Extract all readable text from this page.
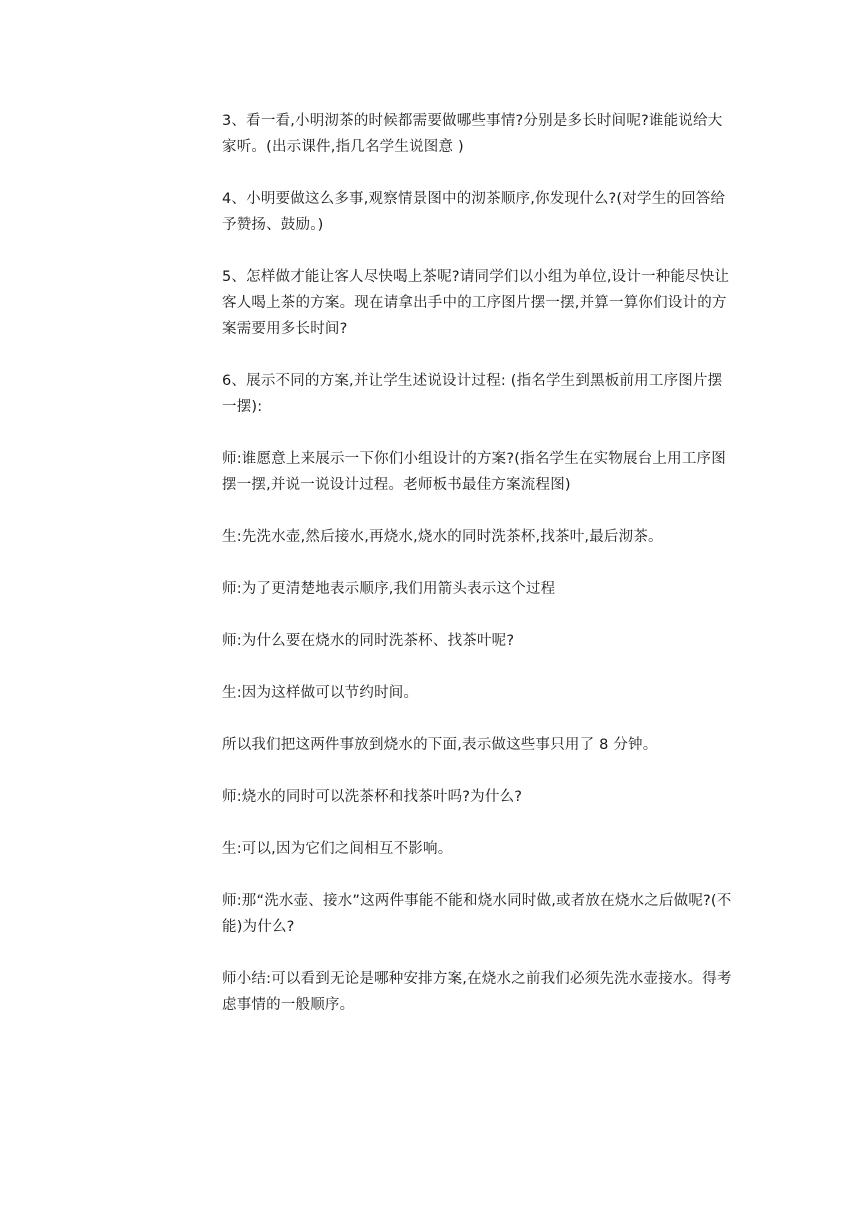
3、看一看,小明沏茶的时候都需要做哪些事情?分别是多长时间呢?谁能说给大家听。(出示课件,指几名学生说图意 )

4、小明要做这么多事,观察情景图中的沏茶顺序,你发现什么?(对学生的回答给予赞扬、鼓励。)

5、怎样做才能让客人尽快喝上茶呢?请同学们以小组为单位,设计一种能尽快让客人喝上茶的方案。现在请拿出手中的工序图片摆一摆,并算一算你们设计的方案需要用多长时间?

6、展示不同的方案,并让学生述说设计过程: (指名学生到黑板前用工序图片摆一摆):

师:谁愿意上来展示一下你们小组设计的方案?(指名学生在实物展台上用工序图摆一摆,并说一说设计过程。老师板书最佳方案流程图)

生:先洗水壶,然后接水,再烧水,烧水的同时洗茶杯,找茶叶,最后沏茶。

师:为了更清楚地表示顺序,我们用箭头表示这个过程

师:为什么要在烧水的同时洗茶杯、找茶叶呢?

生:因为这样做可以节约时间。

所以我们把这两件事放到烧水的下面,表示做这些事只用了 8 分钟。

师:烧水的同时可以洗茶杯和找茶叶吗?为什么?

生:可以,因为它们之间相互不影响。

师:那“洗水壶、接水”这两件事能不能和烧水同时做,或者放在烧水之后做呢?(不能)为什么?

师小结:可以看到无论是哪种安排方案,在烧水之前我们必须先洗水壶接水。得考虑事情的一般顺序。
